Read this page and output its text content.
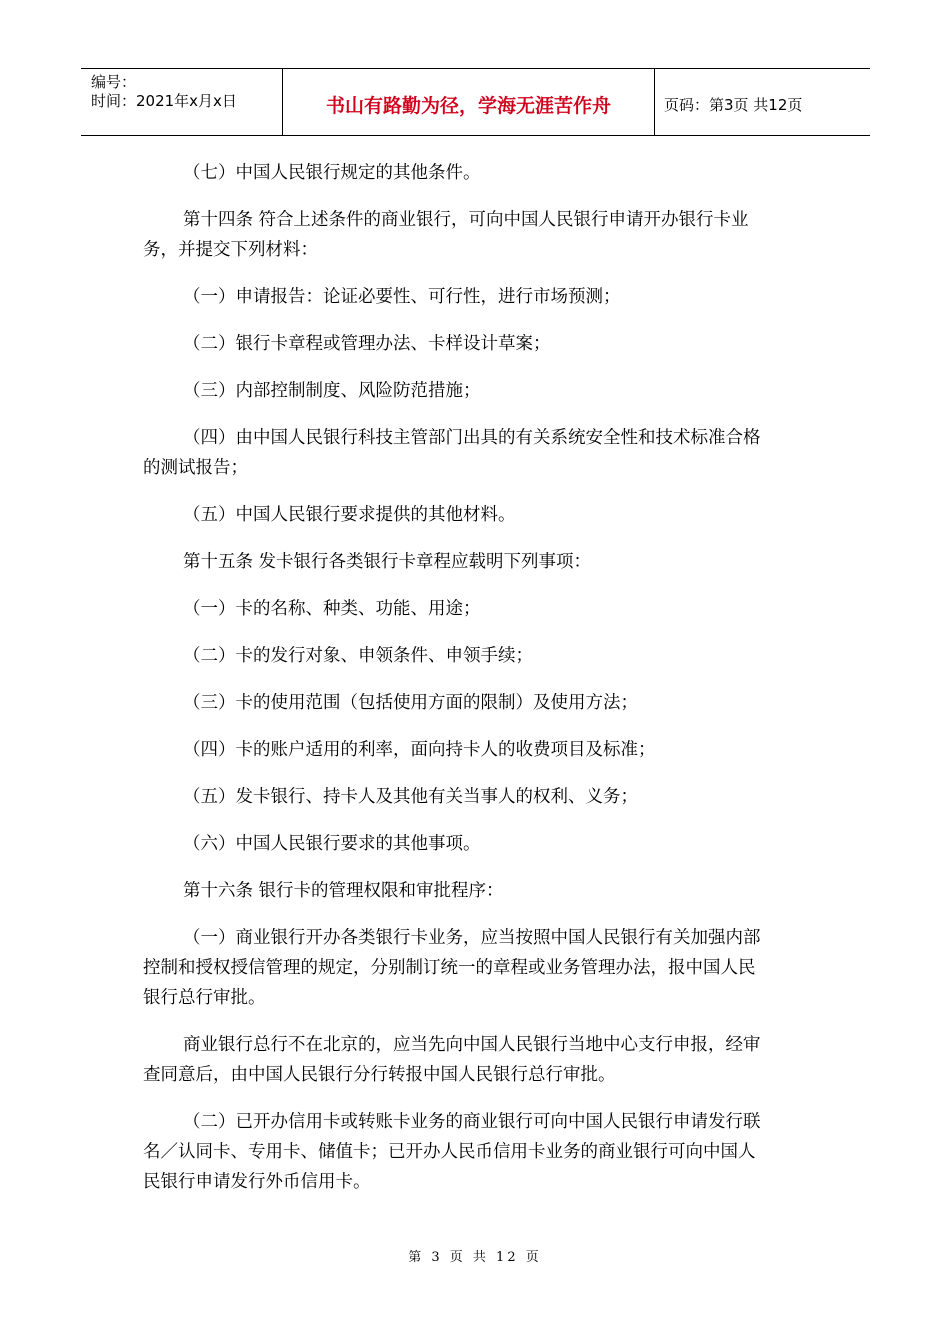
编号：
时间：2021年x月x日	书山有路勤为径，学海无涯苦作舟	页码：第3页 共12页

（七）中国人民银行规定的其他条件。

第十四条 符合上述条件的商业银行，可向中国人民银行申请开办银行卡业务，并提交下列材料：

（一）申请报告：论证必要性、可行性，进行市场预测；

（二）银行卡章程或管理办法、卡样设计草案；

（三）内部控制制度、风险防范措施；

（四）由中国人民银行科技主管部门出具的有关系统安全性和技术标准合格的测试报告；

（五）中国人民银行要求提供的其他材料。

第十五条 发卡银行各类银行卡章程应载明下列事项：

（一）卡的名称、种类、功能、用途；

（二）卡的发行对象、申领条件、申领手续；

（三）卡的使用范围（包括使用方面的限制）及使用方法；

（四）卡的账户适用的利率，面向持卡人的收费项目及标准；

（五）发卡银行、持卡人及其他有关当事人的权利、义务；

（六）中国人民银行要求的其他事项。

第十六条 银行卡的管理权限和审批程序：

（一）商业银行开办各类银行卡业务，应当按照中国人民银行有关加强内部控制和授权授信管理的规定，分别制订统一的章程或业务管理办法，报中国人民银行总行审批。

商业银行总行不在北京的，应当先向中国人民银行当地中心支行申报，经审查同意后，由中国人民银行分行转报中国人民银行总行审批。

（二）已开办信用卡或转账卡业务的商业银行可向中国人民银行申请发行联名／认同卡、专用卡、储值卡；已开办人民币信用卡业务的商业银行可向中国人民银行申请发行外币信用卡。

第 3 页 共 12 页
